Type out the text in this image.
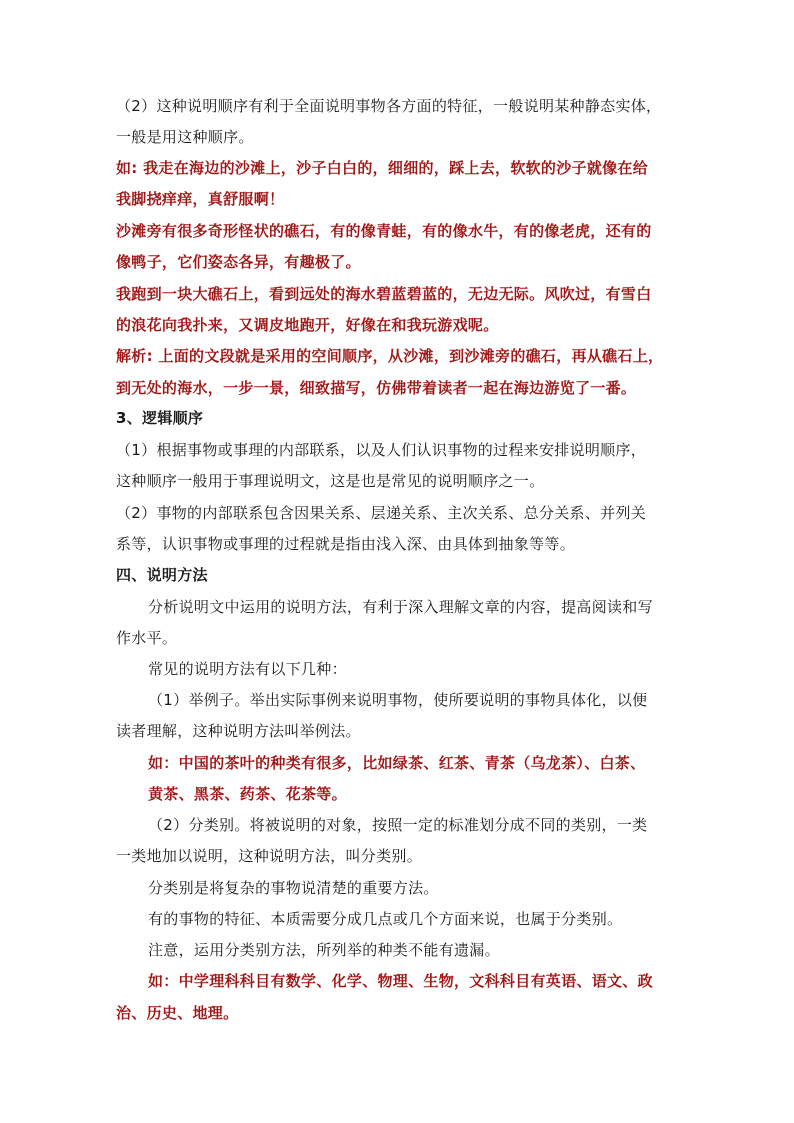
（2）这种说明顺序有利于全面说明事物各方面的特征，一般说明某种静态实体，

一般是用这种顺序。

如: 我走在海边的沙滩上，沙子白白的，细细的，踩上去，软软的沙子就像在给

我脚挠痒痒，真舒服啊！

沙滩旁有很多奇形怪状的礁石，有的像青蛙，有的像水牛，有的像老虎，还有的

像鸭子，它们姿态各异，有趣极了。

我跑到一块大礁石上，看到远处的海水碧蓝碧蓝的，无边无际。风吹过，有雪白

的浪花向我扑来，又调皮地跑开，好像在和我玩游戏呢。

解析: 上面的文段就是采用的空间顺序，从沙滩，到沙滩旁的礁石，再从礁石上，

到无处的海水，一步一景，细致描写，仿佛带着读者一起在海边游览了一番。

3、逻辑顺序

（1）根据事物或事理的内部联系，以及人们认识事物的过程来安排说明顺序，

这种顺序一般用于事理说明文，这是也是常见的说明顺序之一。

（2）事物的内部联系包含因果关系、层递关系、主次关系、总分关系、并列关

系等，认识事物或事理的过程就是指由浅入深、由具体到抽象等等。

四、说明方法

分析说明文中运用的说明方法，有利于深入理解文章的内容，提高阅读和写

作水平。

常见的说明方法有以下几种：

（1）举例子。举出实际事例来说明事物，使所要说明的事物具体化，以便

读者理解，这种说明方法叫举例法。

如：中国的茶叶的种类有很多，比如绿茶、红茶、青茶（乌龙茶）、白茶、

黄茶、黑茶、药茶、花茶等。

（2）分类别。将被说明的对象，按照一定的标准划分成不同的类别，一类

一类地加以说明，这种说明方法，叫分类别。

分类别是将复杂的事物说清楚的重要方法。

有的事物的特征、本质需要分成几点或几个方面来说，也属于分类别。

注意，运用分类别方法，所列举的种类不能有遗漏。

如：中学理科科目有数学、化学、物理、生物，文科科目有英语、语文、政

治、历史、地理。
